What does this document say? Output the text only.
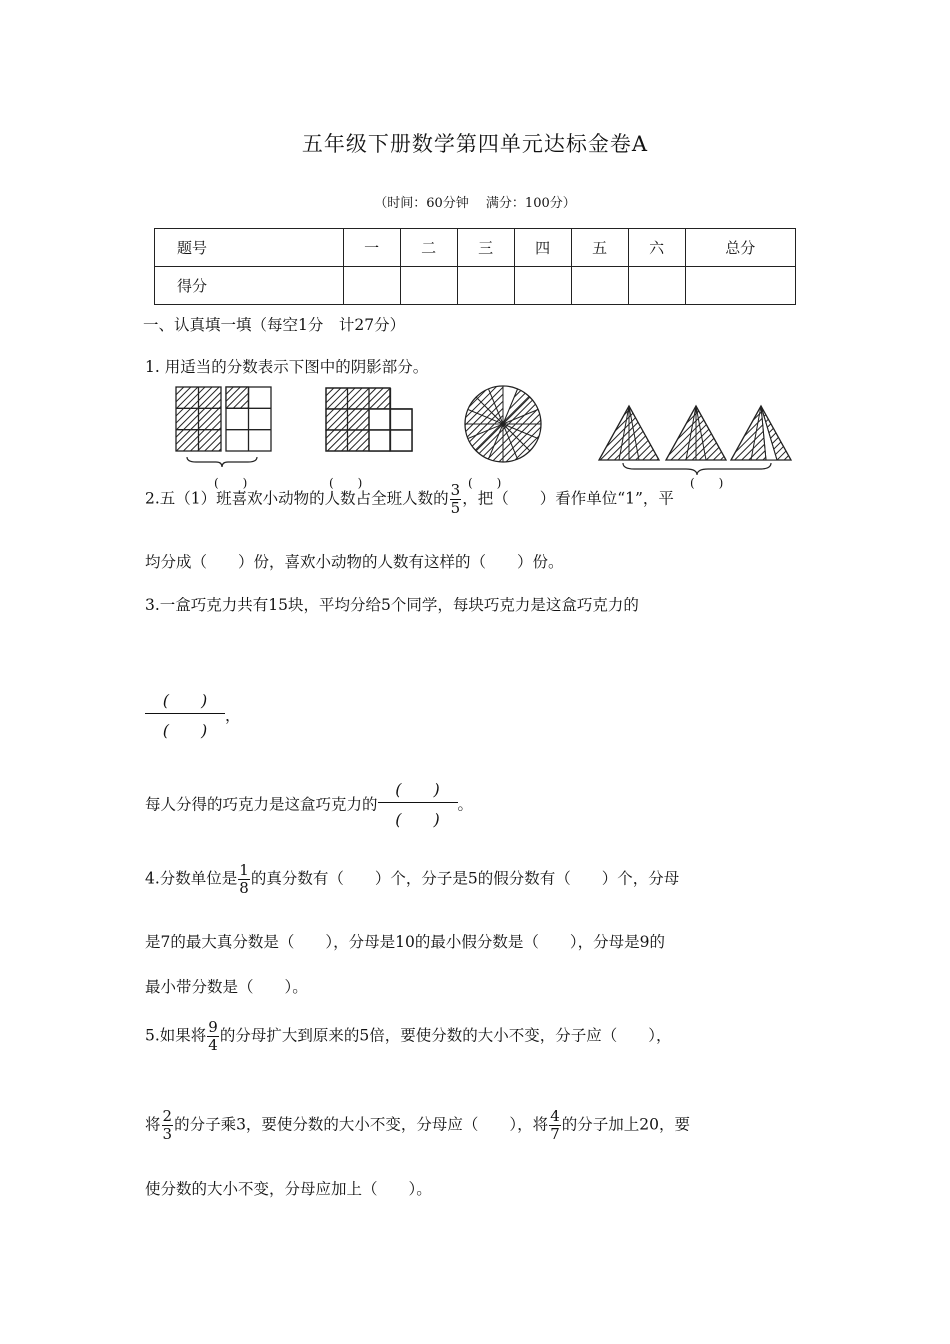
五年级下册数学第四单元达标金卷A
（时间：60分钟　 满分：100分）
题号	一	二	三	四	五	六	总分
得分							
一、认真填一填（每空1分　计27分）
1. 用适当的分数表示下图中的阴影部分。
(　　)	(　　)	(　　)	(　　)
2.五（1）班喜欢小动物的人数占全班人数的 $\frac{3}{5}$ ，把（　　）看作单位“1”，平
均分成（　　）份，喜欢小动物的人数有这样的（　　）份。
3.一盒巧克力共有15块，平均分给5个同学，每块巧克力是这盒巧克力的
$\frac{( )}{( )}$ ，
每人分得的巧克力是这盒巧克力的 $\frac{( )}{( )}$ 。
4.分数单位是 $\frac{1}{8}$ 的真分数有（　　）个，分子是5的假分数有（　　）个，分母
是7的最大真分数是（　　），分母是10的最小假分数是（　　），分母是9的
最小带分数是（　　）。
5.如果将 $\frac{9}{4}$ 的分母扩大到原来的5倍，要使分数的大小不变，分子应（　　），
将 $\frac{2}{3}$ 的分子乘3，要使分数的大小不变，分母应（　　），将 $\frac{4}{7}$ 的分子加上20，要
使分数的大小不变，分母应加上（　　）。
